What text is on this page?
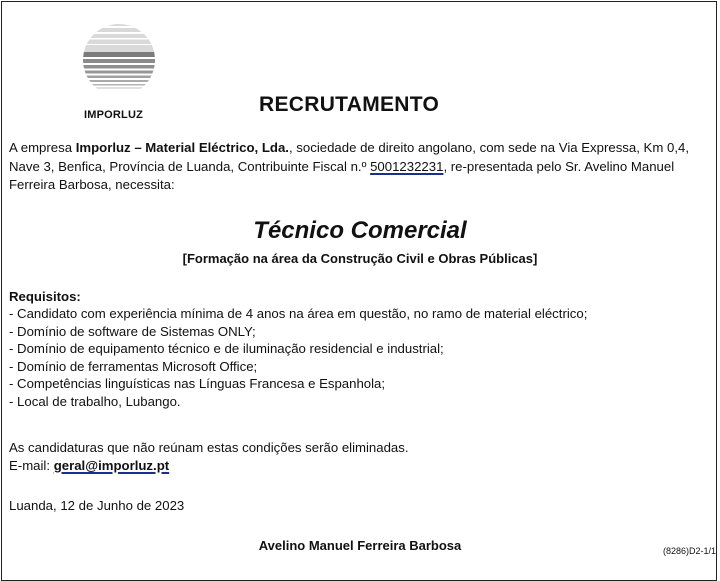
IMPORLUZ	RECRUTAMENTO

A empresa Imporluz – Material Eléctrico, Lda., sociedade de direito angolano, com sede na Via Expressa, Km 0,4, Nave 3, Benfica, Província de Luanda, Contribuinte Fiscal n.º 5001232231, re-presentada pelo Sr. Avelino Manuel Ferreira Barbosa, necessita:

Técnico Comercial
[Formação na área da Construção Civil e Obras Públicas]
Requisitos:
- Candidato com experiência mínima de 4 anos na área em questão, no ramo de material eléctrico;
- Domínio de software de Sistemas ONLY;
- Domínio de equipamento técnico e de iluminação residencial e industrial;
- Domínio de ferramentas Microsoft Office;
- Competências linguísticas nas Línguas Francesa e Espanhola;
- Local de trabalho, Lubango.
As candidaturas que não reúnam estas condições serão eliminadas.
E-mail: geral@imporluz.pt
Luanda, 12 de Junho de 2023
Avelino Manuel Ferreira Barbosa	(8286)D2-1/1
